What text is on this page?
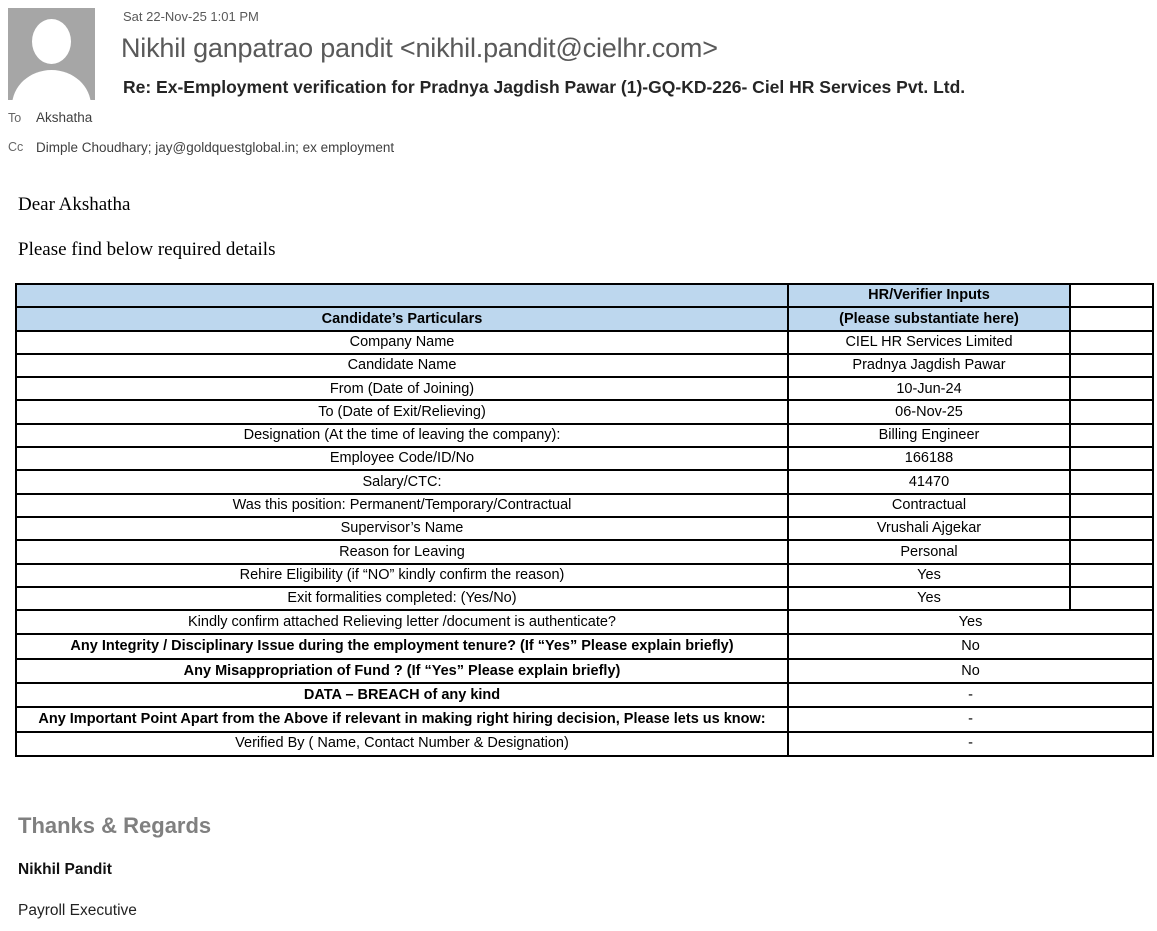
Sat 22-Nov-25 1:01 PM
Nikhil ganpatrao pandit <nikhil.pandit@cielhr.com>
Re: Ex-Employment verification for Pradnya Jagdish Pawar (1)-GQ-KD-226- Ciel HR Services Pvt. Ltd.
To Akshatha
Cc Dimple Choudhary; jay@goldquestglobal.in; ex employment
Dear Akshatha
Please find below required details
	HR/Verifier Inputs	
Candidate’s Particulars	(Please substantiate here)	
Company Name	CIEL HR Services Limited	
Candidate Name	Pradnya Jagdish Pawar	
From (Date of Joining)	10-Jun-24	
To (Date of Exit/Relieving)	06-Nov-25	
Designation (At the time of leaving the company):	Billing Engineer	
Employee Code/ID/No	166188	
Salary/CTC:	41470	
Was this position: Permanent/Temporary/Contractual	Contractual	
Supervisor’s Name	Vrushali Ajgekar	
Reason for Leaving	Personal	
Rehire Eligibility (if “NO” kindly confirm the reason)	Yes	
Exit formalities completed: (Yes/No)	Yes	
Kindly confirm attached Relieving letter /document is authenticate?	Yes	
Any Integrity / Disciplinary Issue during the employment tenure? (If “Yes” Please explain briefly)	No	
Any Misappropriation of Fund ? (If “Yes” Please explain briefly)	No	
DATA – BREACH of any kind	-	
Any Important Point Apart from the Above if relevant in making right hiring decision, Please lets us know:	-	
Verified By ( Name, Contact Number & Designation)	-	
Thanks & Regards
Nikhil Pandit
Payroll Executive
